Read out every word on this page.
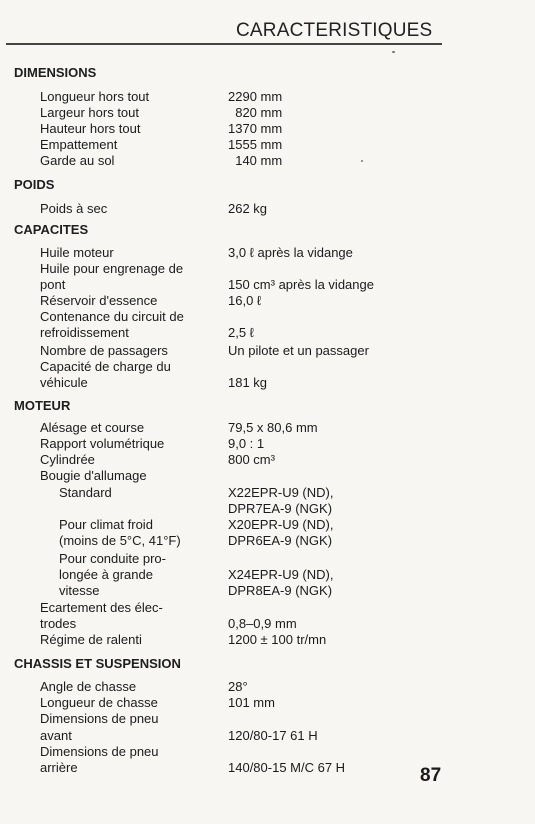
CARACTERISTIQUES
DIMENSIONS
Longueur hors tout	2290 mm
Largeur hors tout	820 mm
Hauteur hors tout	1370 mm
Empattement	1555 mm
Garde au sol	140 mm
POIDS
Poids à sec	262 kg
CAPACITES
Huile moteur	3,0 ℓ après la vidange
Huile pour engrenage de
pont	150 cm³ après la vidange
Réservoir d'essence	16,0 ℓ
Contenance du circuit de
refroidissement	2,5 ℓ
Nombre de passagers	Un pilote et un passager
Capacité de charge du
véhicule	181 kg
MOTEUR
Alésage et course	79,5 x 80,6 mm
Rapport volumétrique	9,0 : 1
Cylindrée	800 cm³
Bougie d'allumage
Standard	X22EPR-U9 (ND),
DPR7EA-9 (NGK)
Pour climat froid	X20EPR-U9 (ND),
(moins de 5°C, 41°F)	DPR6EA-9 (NGK)
Pour conduite pro-
longée à grande	X24EPR-U9 (ND),
vitesse	DPR8EA-9 (NGK)
Ecartement des élec-
trodes	0,8–0,9 mm
Régime de ralenti	1200 ± 100 tr/mn
CHASSIS ET SUSPENSION
Angle de chasse	28°
Longueur de chasse	101 mm
Dimensions de pneu
avant	120/80-17 61 H
Dimensions de pneu
arrière	140/80-15 M/C 67 H	87
